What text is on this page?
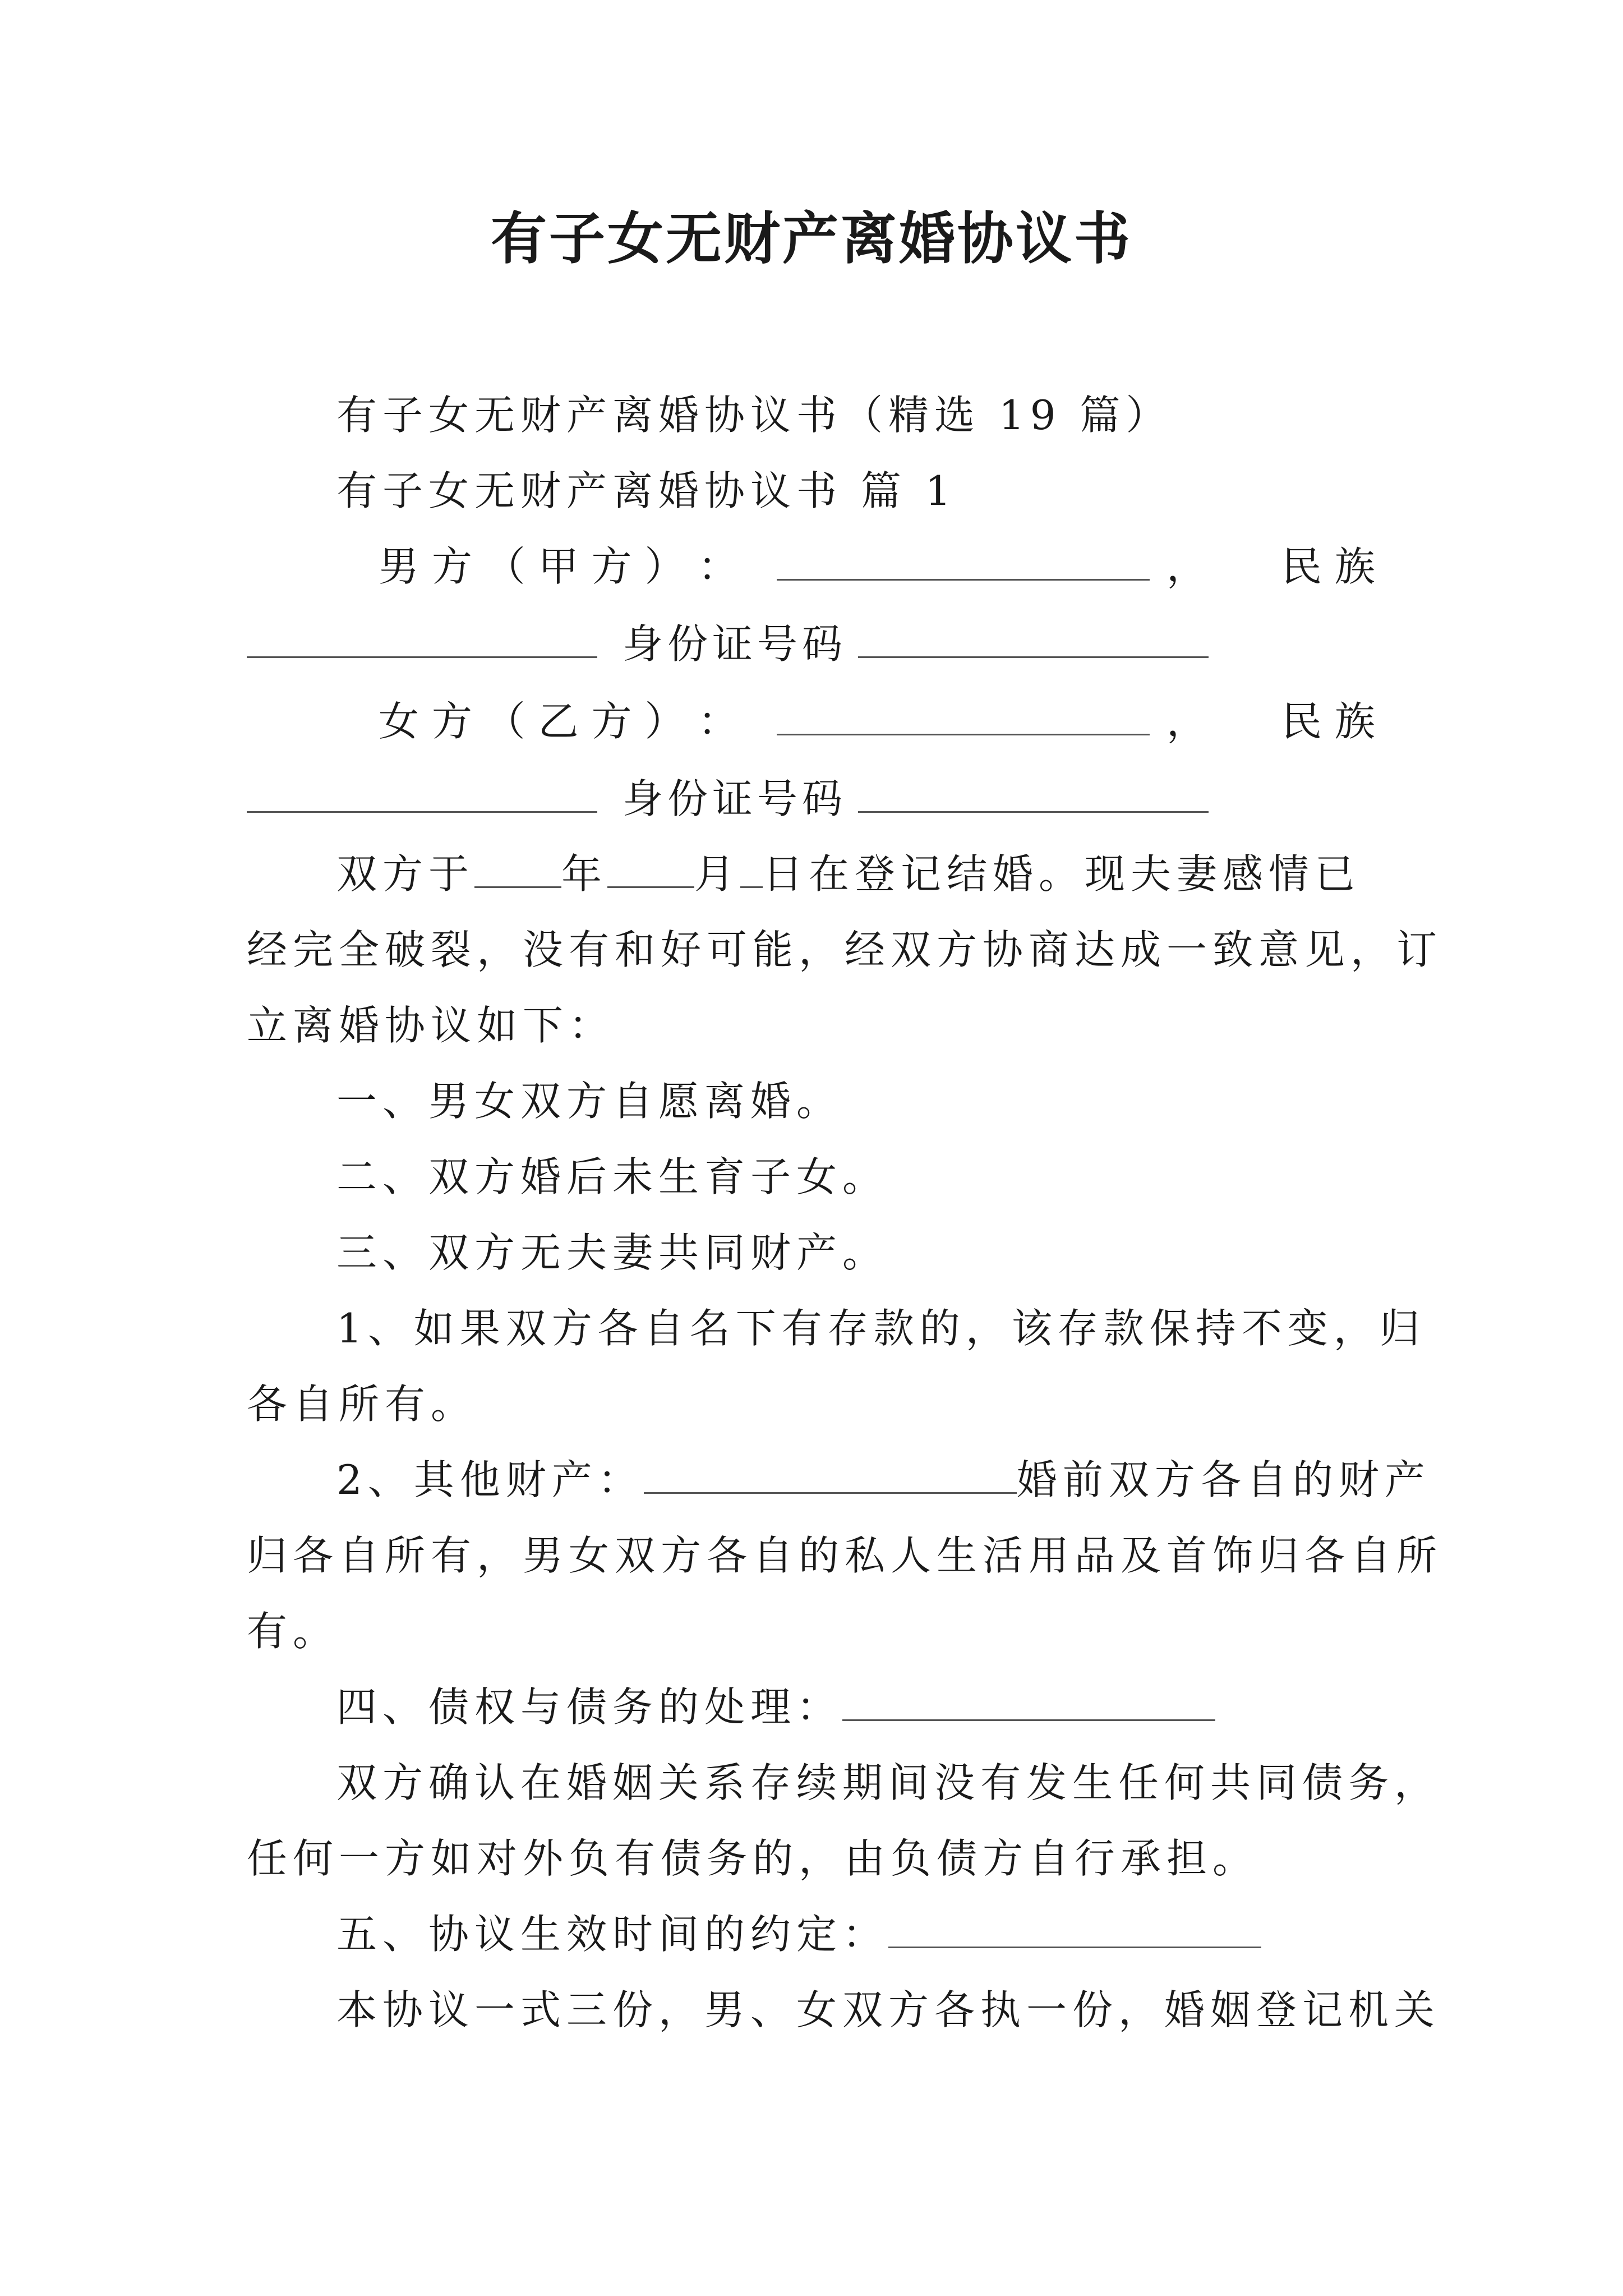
有子女无财产离婚协议书

有子女无财产离婚协议书（精选 19 篇）

有子女无财产离婚协议书 篇 1

男 方 （ 甲 方 ） ：	， 民 族
身份证号码
女 方 （ 乙 方 ） ：	， 民 族
身份证号码

双方于 年 月 日在登记结婚。现夫妻感情已

经完全破裂，没有和好可能，经双方协商达成一致意见，订

立离婚协议如下：

一、男女双方自愿离婚。

二、双方婚后未生育子女。

三、双方无夫妻共同财产。

1、如果双方各自名下有存款的，该存款保持不变，归

各自所有。

2、其他财产：	婚前双方各自的财产

归各自所有，男女双方各自的私人生活用品及首饰归各自所

有。

四、债权与债务的处理：

双方确认在婚姻关系存续期间没有发生任何共同债务，

任何一方如对外负有债务的，由负债方自行承担。

五、协议生效时间的约定：

本协议一式三份，男、女双方各执一份，婚姻登记机关
